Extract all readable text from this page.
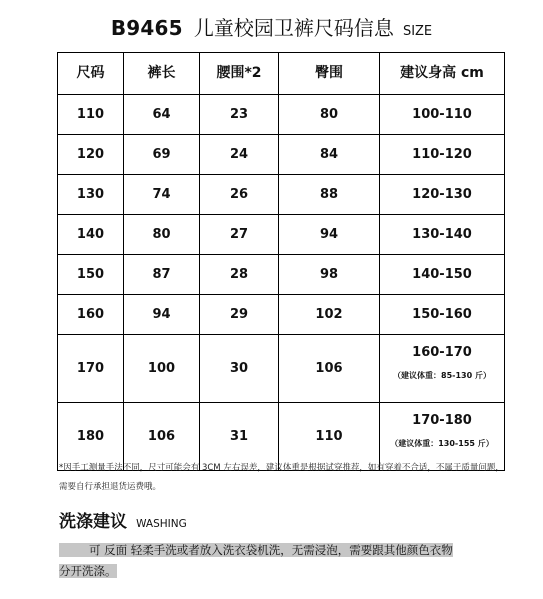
B9465 儿童校园卫裤尺码信息 SIZE
尺码	裤长	腰围*2	臀围	建议身高 cm
110	64	23	80	100-110
120	69	24	84	110-120
130	74	26	88	120-130
140	80	27	94	130-140
150	87	28	98	140-150
160	94	29	102	150-160
170	100	30	106	160-170
（建议体重：85-130 斤）

180	106	31	110	170-180
（建议体重：130-155 斤）
*因手工测量手法不同，尺寸可能会有 3CM 左右误差，建议体重是根据试穿推荐，如有穿着不合适，不属于质量问题，需要自行承担退货运费哦。
洗涤建议 WASHING
可 反面 轻柔手洗或者放入洗衣袋机洗，无需浸泡，需要跟其他颜色衣物
分开洗涤。
